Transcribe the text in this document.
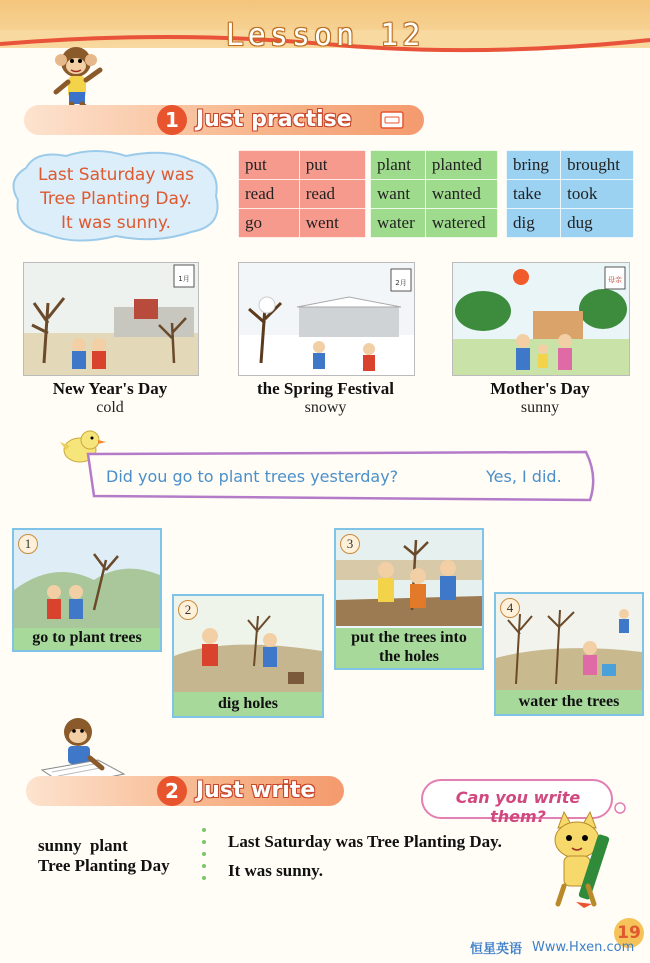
Lesson 12
1 Just practise
Last Saturday was
Tree Planting Day.
It was sunny.
put	put
read	read
go	went
plant	planted
want	wanted
water	watered
bring	brought
take	took
dig	dug
1月	2月	母亲
New Year's Day
cold
the Spring Festival
snowy
Mother's Day
sunny
Did you go to plant trees yesterday?	Yes, I did.
1
go to plant trees
2
dig holes
3
put the trees into
the holes
4
water the trees
2 Just write	Can you write them?
sunny  plant
Tree Planting Day
Last Saturday was Tree Planting Day.
It was sunny.
19
恒星英语 Www.Hxen.com
